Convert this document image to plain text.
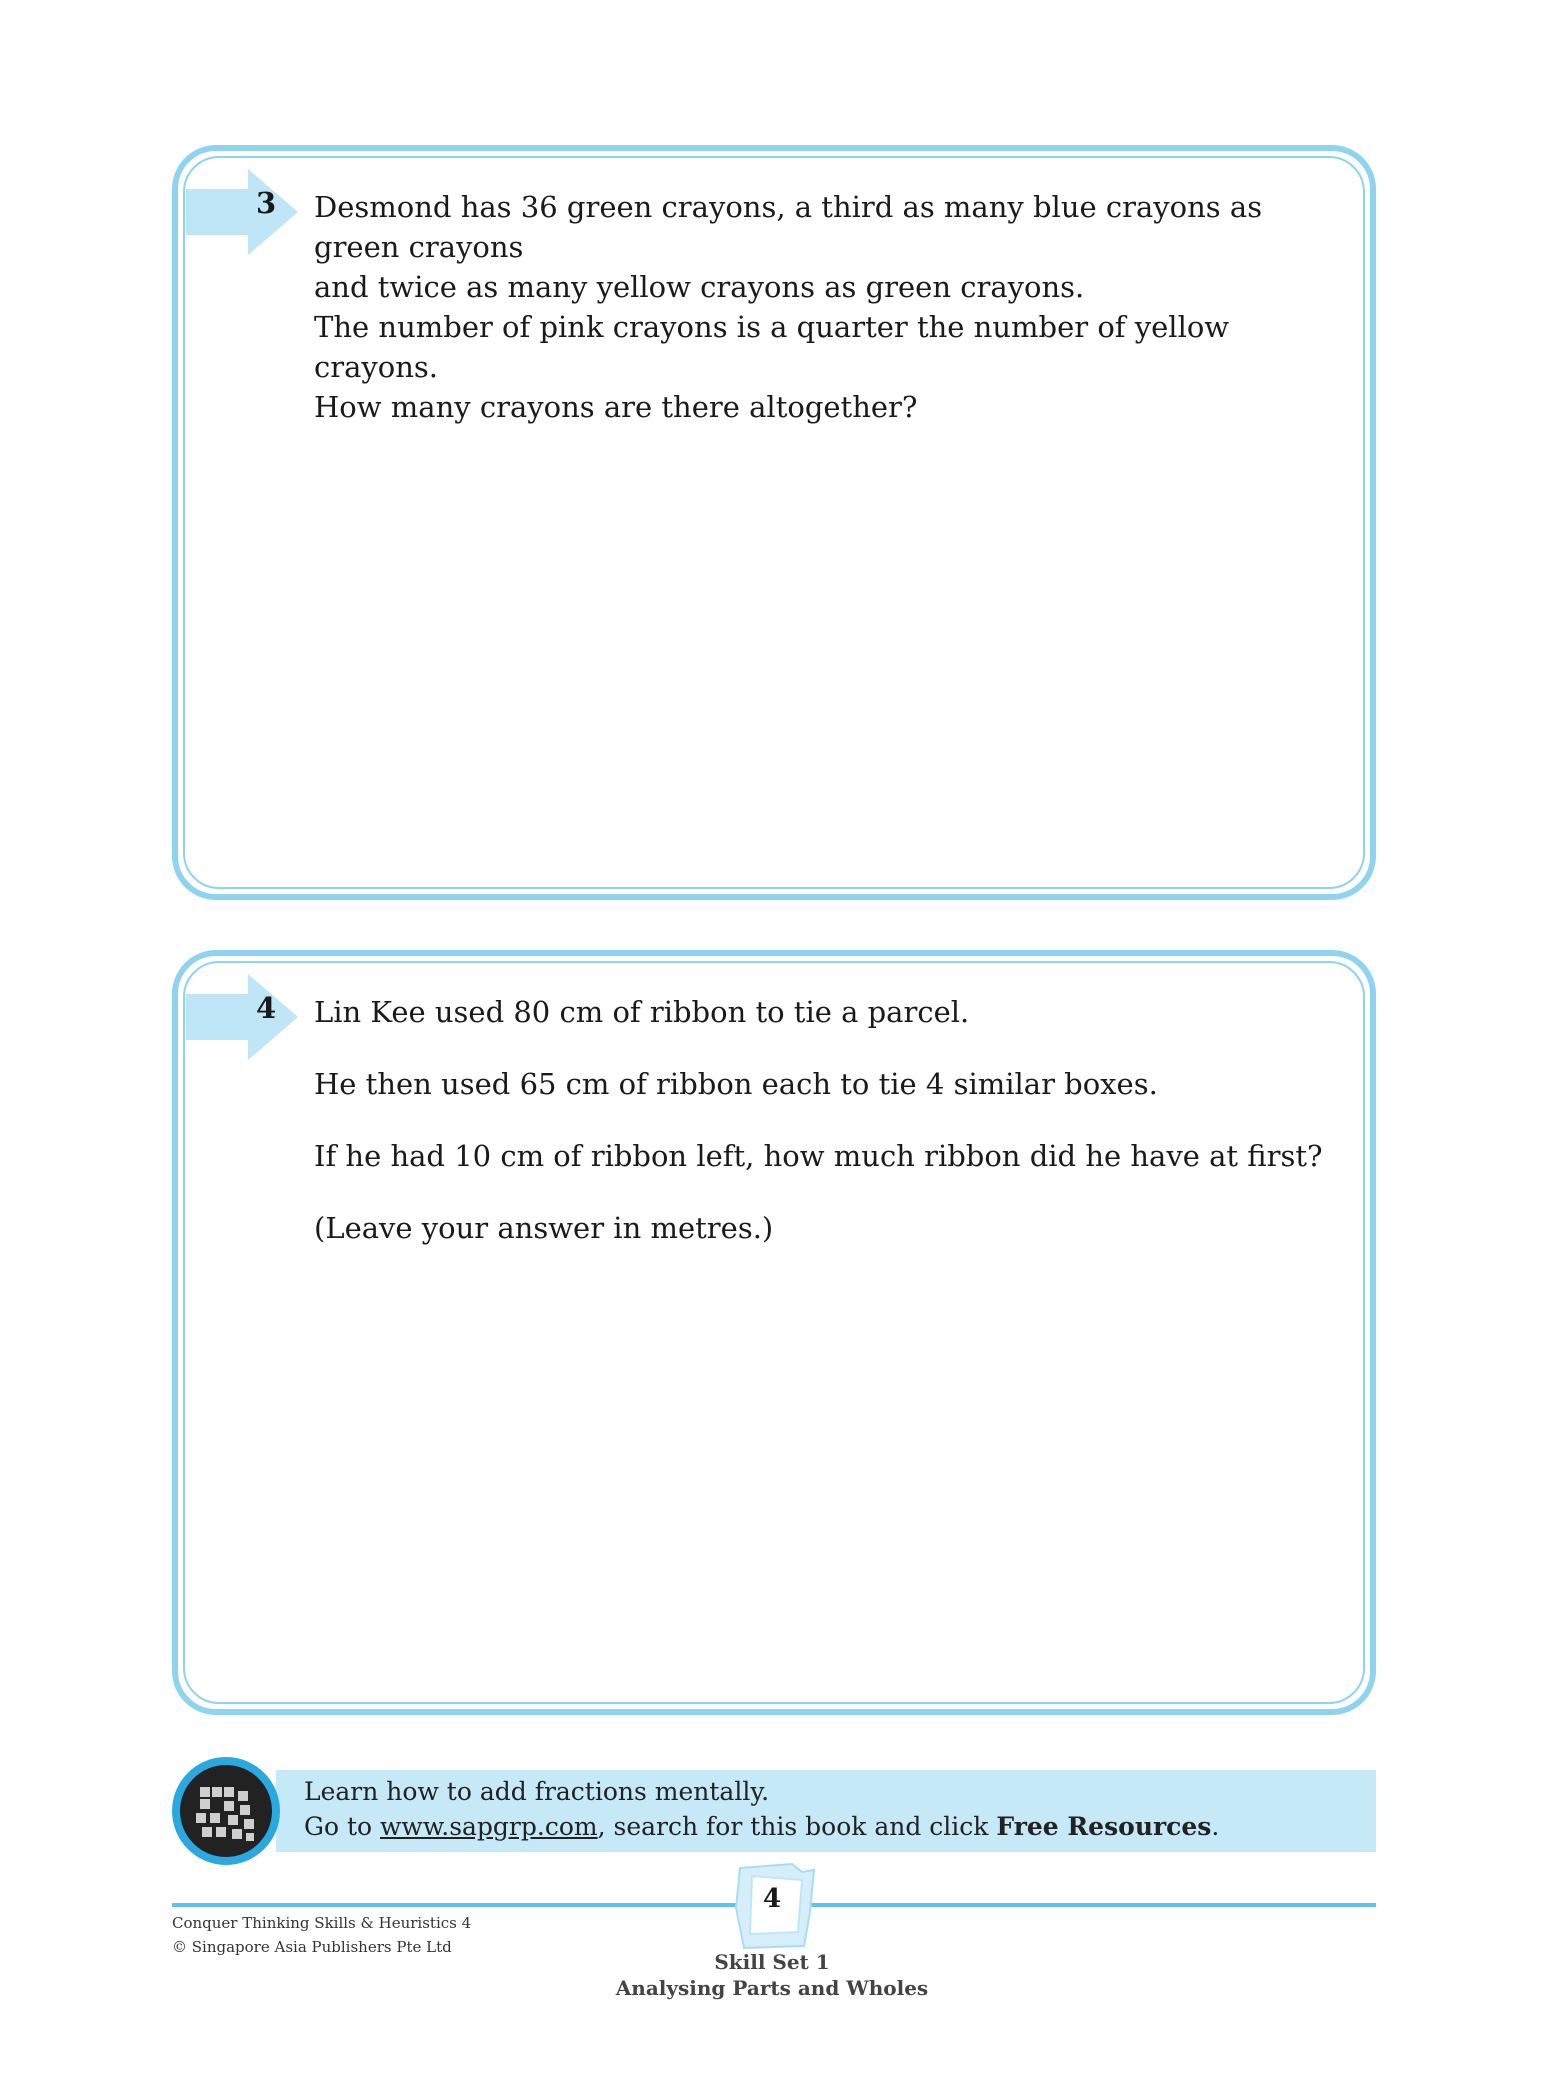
3 Desmond has 36 green crayons, a third as many blue crayons as green crayons

and twice as many yellow crayons as green crayons.

The number of pink crayons is a quarter the number of yellow crayons.

How many crayons are there altogether?

4 Lin Kee used 80 cm of ribbon to tie a parcel.

He then used 65 cm of ribbon each to tie 4 similar boxes.

If he had 10 cm of ribbon left, how much ribbon did he have at first?

(Leave your answer in metres.)

Learn how to add fractions mentally.
Go to www.sapgrp.com, search for this book and click Free Resources.
4
Conquer Thinking Skills & Heuristics 4
© Singapore Asia Publishers Pte Ltd
Skill Set 1
Analysing Parts and Wholes
